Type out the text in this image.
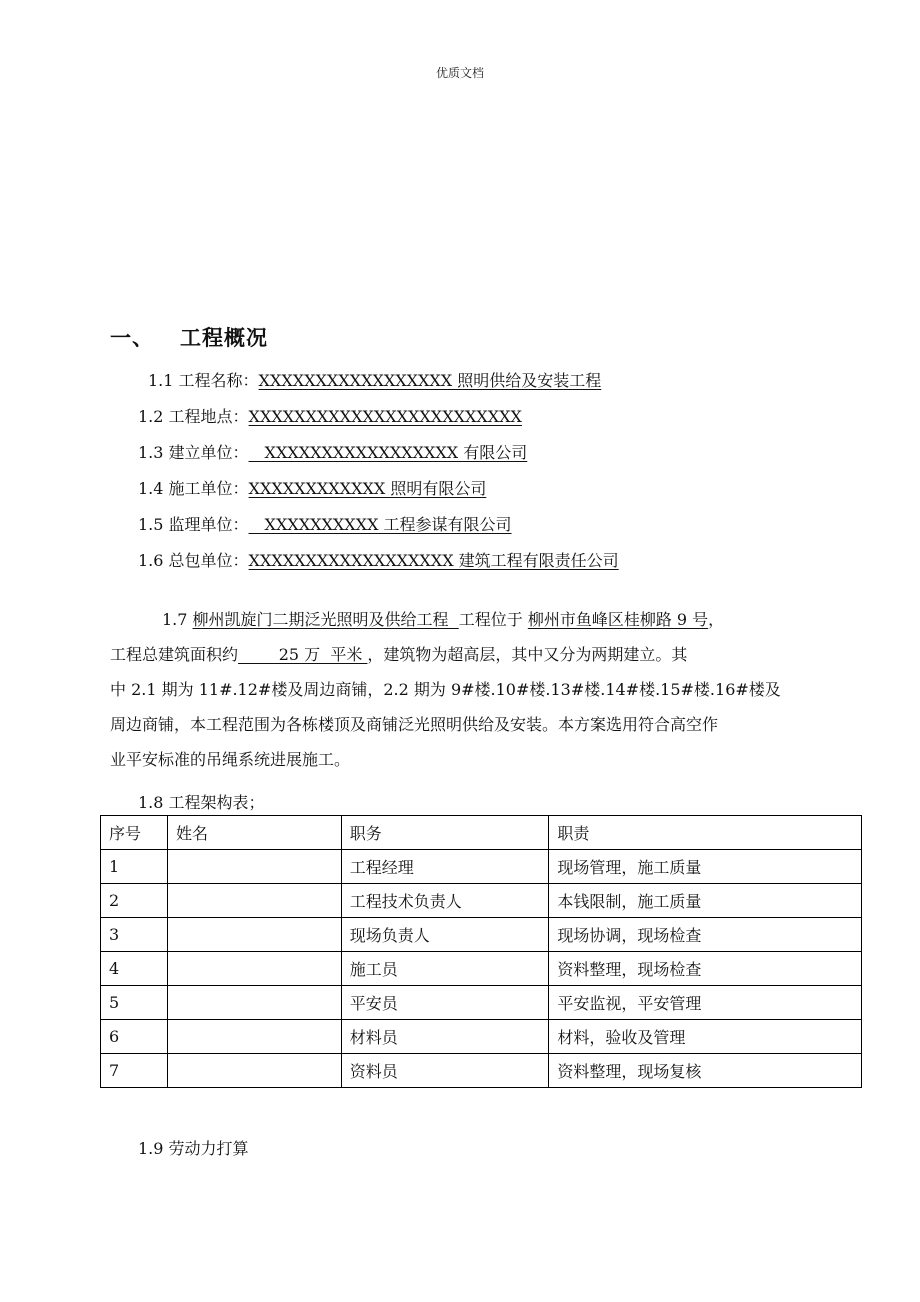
优质文档
一、 工程概况
1.1 工程名称：XXXXXXXXXXXXXXXXX 照明供给及安装工程
1.2 工程地点：XXXXXXXXXXXXXXXXXXXXXXXX
1.3 建立单位：__XXXXXXXXXXXXXXXXX 有限公司
1.4 施工单位：XXXXXXXXXXXX 照明有限公司
1.5 监理单位：__XXXXXXXXXX 工程参谋有限公司
1.6 总包单位：XXXXXXXXXXXXXXXXXX 建筑工程有限责任公司
1.7 柳州凯旋门二期泛光照明及供给工程  工程位于 柳州市鱼峰区桂柳路 9 号，
工程总建筑面积约        25 万  平米 ，建筑物为超高层，其中又分为两期建立。其
中 2.1 期为 11#.12#楼及周边商铺，2.2 期为 9#楼.10#楼.13#楼.14#楼.15#楼.16#楼及
周边商铺，本工程范围为各栋楼顶及商铺泛光照明供给及安装。本方案选用符合高空作
业平安标准的吊绳系统进展施工。
1.8 工程架构表；
序号	姓名	职务	职责
1		工程经理	现场管理，施工质量
2		工程技术负责人	本钱限制，施工质量
3		现场负责人	现场协调，现场检查
4		施工员	资料整理，现场检查
5		平安员	平安监视，平安管理
6		材料员	材料，验收及管理
7		资料员	资料整理，现场复核
1.9 劳动力打算
